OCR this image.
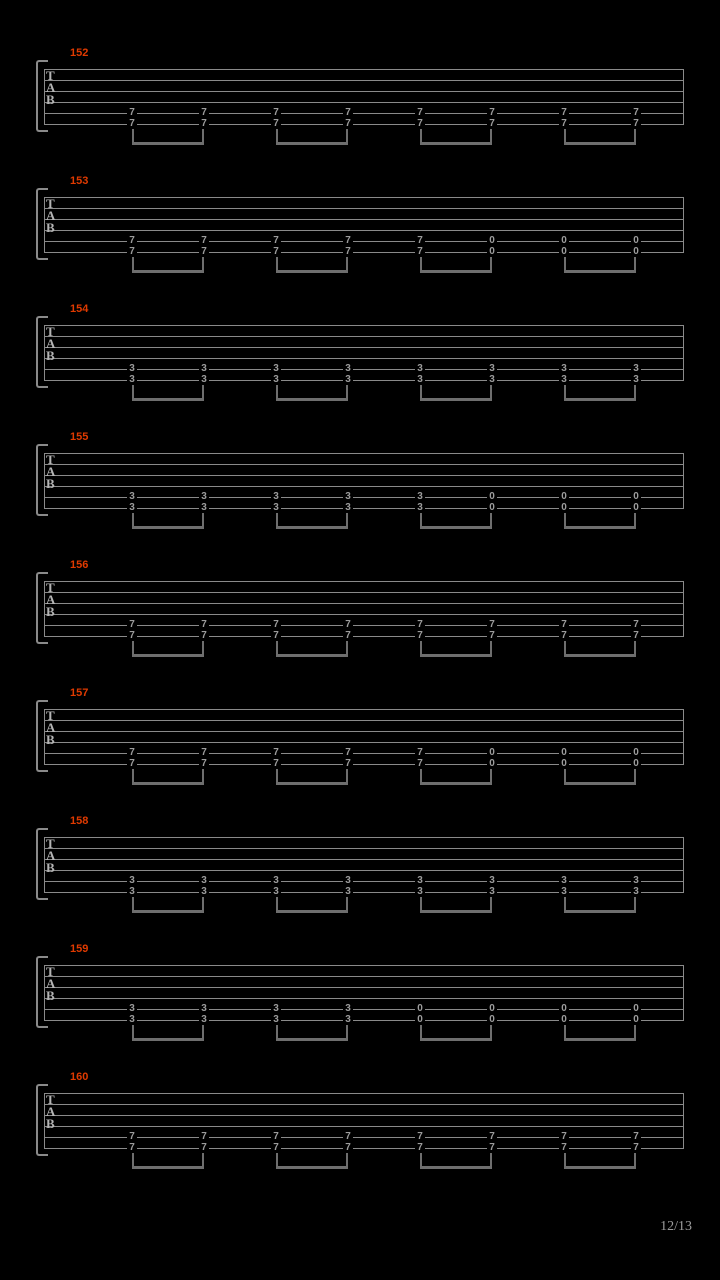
152
T
A
B
7
7
7
7
7
7
7
7
7
7
7
7
7
7
7
7
153
T
A
B
7
7
7
7
7
7
7
7
7
7
0
0
0
0
0
0
154
T
A
B
3
3
3
3
3
3
3
3
3
3
3
3
3
3
3
3
155
T
A
B
3
3
3
3
3
3
3
3
3
3
0
0
0
0
0
0
156
T
A
B
7
7
7
7
7
7
7
7
7
7
7
7
7
7
7
7
157
T
A
B
7
7
7
7
7
7
7
7
7
7
0
0
0
0
0
0
158
T
A
B
3
3
3
3
3
3
3
3
3
3
3
3
3
3
3
3
159
T
A
B
3
3
3
3
3
3
3
3
0
0
0
0
0
0
0
0
160
T
A
B
7
7
7
7
7
7
7
7
7
7
7
7
7
7
7
7
12/13
